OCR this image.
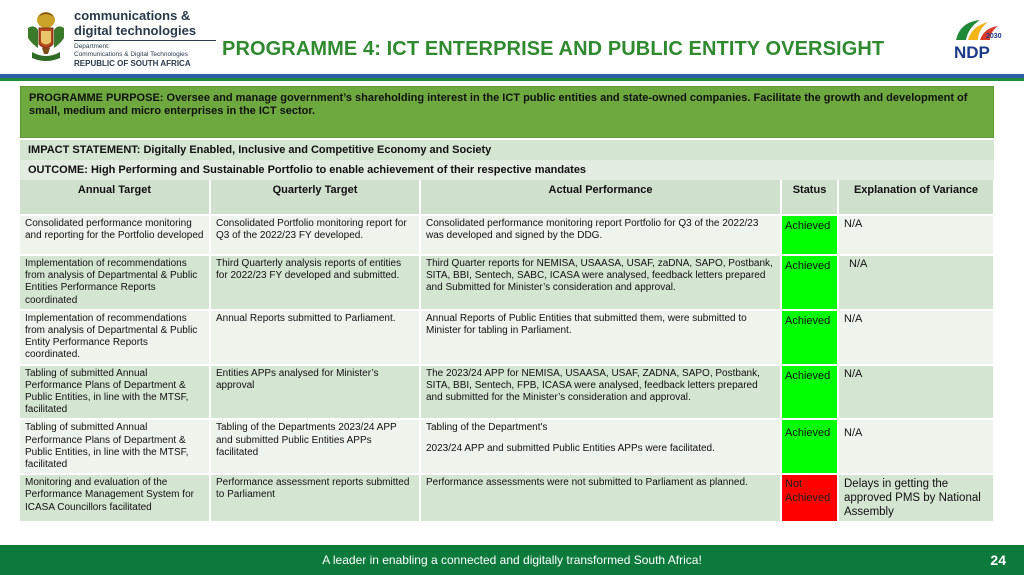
communications &
digital technologies
Department:
Communications & Digital Technologies
REPUBLIC OF SOUTH AFRICA
PROGRAMME 4: ICT ENTERPRISE AND PUBLIC ENTITY OVERSIGHT
2030
NDP
PROGRAMME PURPOSE: Oversee and manage government’s shareholding interest in the ICT public entities and state-owned companies. Facilitate the growth and development of small, medium and micro enterprises in the ICT sector.
IMPACT STATEMENT: Digitally Enabled, Inclusive and Competitive Economy and Society
OUTCOME: High Performing and Sustainable Portfolio to enable achievement of their respective mandates
Annual Target	Quarterly Target	Actual Performance	Status	Explanation of Variance
Consolidated performance monitoring and reporting for the Portfolio developed	Consolidated Portfolio monitoring report for Q3 of the 2022/23 FY developed.	Consolidated performance monitoring report Portfolio for Q3 of the 2022/23 was developed and signed by the DDG.	Achieved	N/A
Implementation of recommendations from analysis of Departmental & Public Entities Performance Reports coordinated	Third Quarterly analysis reports of entities for 2022/23 FY developed and submitted.	Third Quarter reports for NEMISA, USAASA, USAF, zaDNA, SAPO, Postbank, SITA, BBI, Sentech, SABC, ICASA were analysed, feedback letters prepared and Submitted for Minister’s consideration and approval.	Achieved	N/A
Implementation of recommendations from analysis of Departmental & Public Entity Performance Reports coordinated.	Annual Reports submitted to Parliament.	Annual Reports of Public Entities that submitted them, were submitted to Minister for tabling in Parliament.	Achieved	N/A
Tabling of submitted Annual Performance Plans of Department & Public Entities, in line with the MTSF, facilitated	Entities APPs analysed for Minister’s approval	The 2023/24 APP for NEMISA, USAASA, USAF, ZADNA, SAPO, Postbank, SITA, BBI, Sentech, FPB, ICASA were analysed, feedback letters prepared and submitted for the Minister’s consideration and approval.	Achieved	N/A
Tabling of submitted Annual Performance Plans of Department & Public Entities, in line with the MTSF, facilitated	Tabling of the Departments 2023/24 APP and submitted Public Entities APPs facilitated	Tabling of the Department's
2023/24 APP and submitted Public Entities APPs were facilitated.	Achieved	N/A
Monitoring and evaluation of the Performance Management System for ICASA Councillors facilitated	Performance assessment reports submitted to Parliament	Performance assessments were not submitted to Parliament as planned.	Not Achieved	Delays in getting the approved PMS by National Assembly
A leader in enabling a connected and digitally transformed South Africa!	24
